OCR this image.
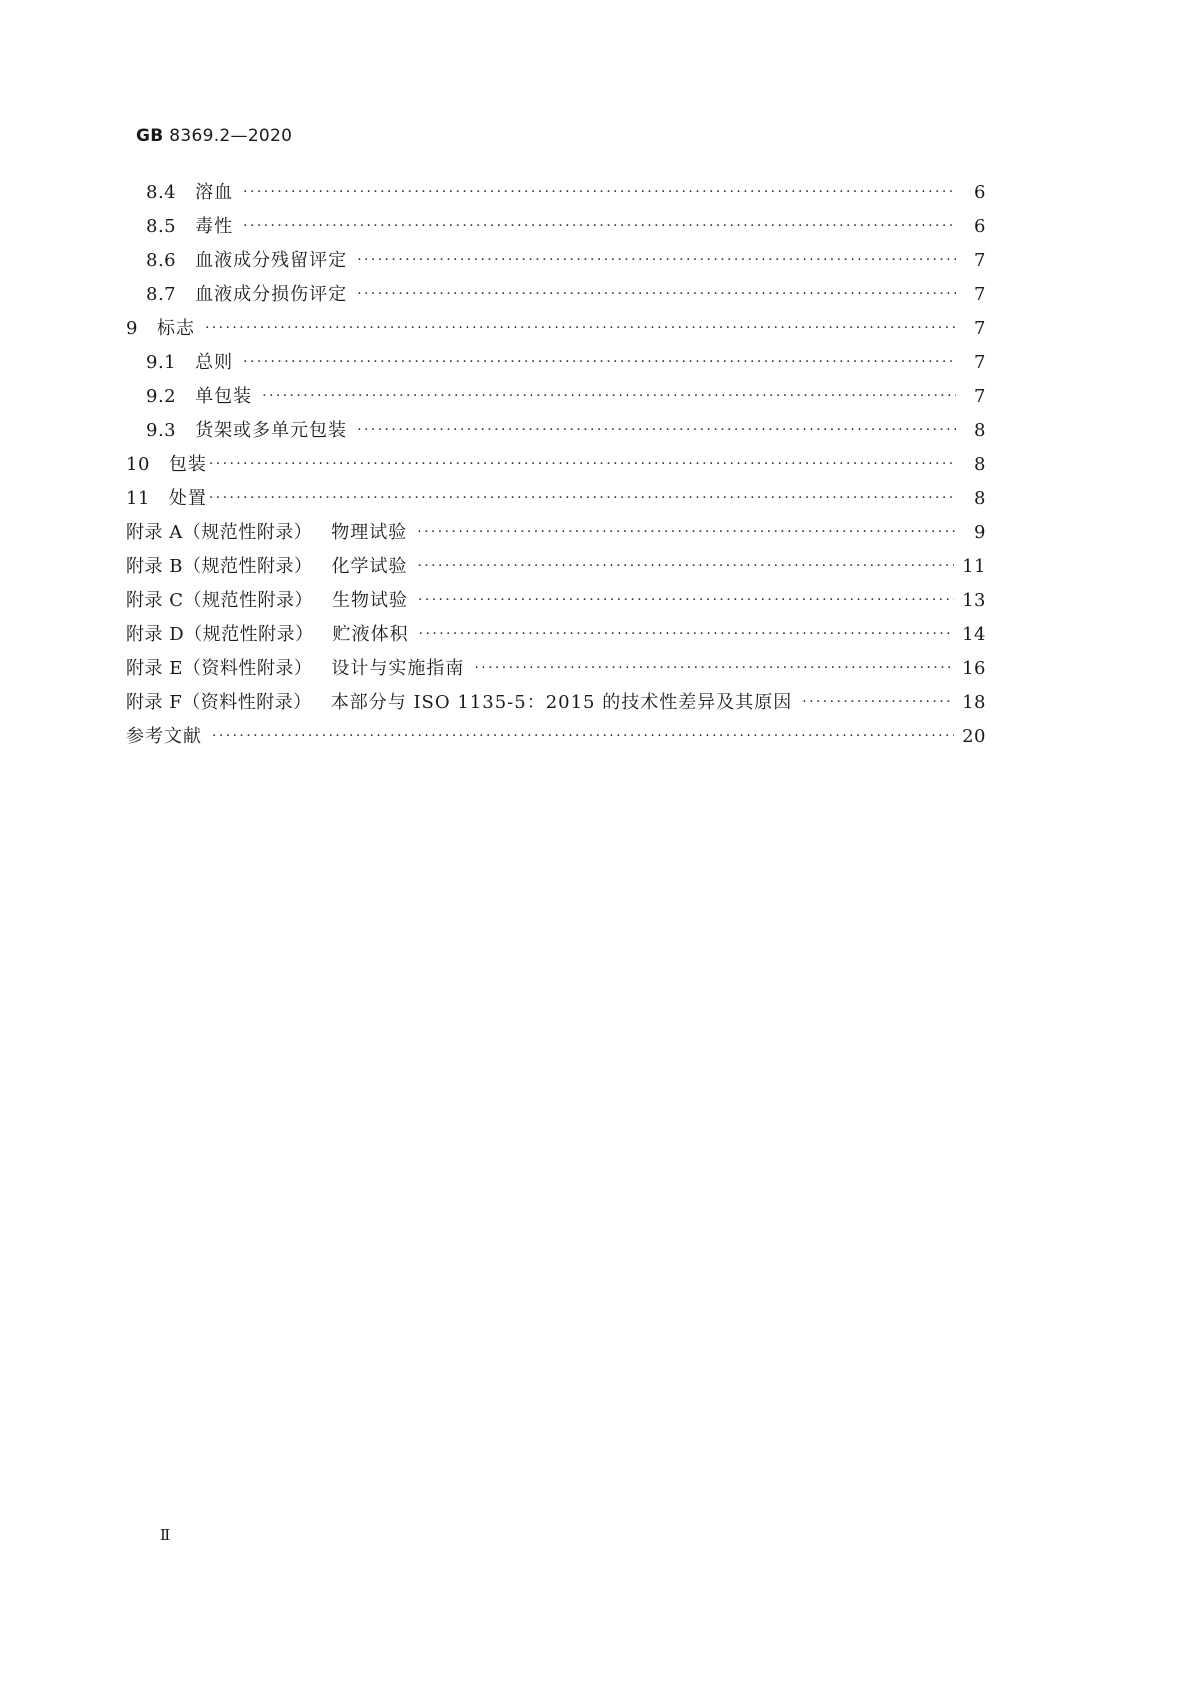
GB 8369.2—2020
8.4　 溶血 ·····	6
8.5　 毒性 ·····	6
8.6　 血液成分残留评定 ·····	7
8.7　 血液成分损伤评定 ·····	7
9　 标志 ·····	7
9.1　 总则 ·····	7
9.2　 单包装 ·····	7
9.3　 货架或多单元包装 ·····	8
10　 包装 ·····	8
11　 处置 ·····	8
附录 A（规范性附录）　 物理试验 ·····	9
附录 B（规范性附录）　 化学试验 ·····	11
附录 C（规范性附录）　 生物试验 ·····	13
附录 D（规范性附录）　 贮液体积 ·····	14
附录 E（资料性附录）　 设计与实施指南 ·····	16
附录 F（资料性附录）　 本部分与 ISO 1135-5：2015 的技术性差异及其原因 ·····	18
参考文献 ·····	20
Ⅱ
